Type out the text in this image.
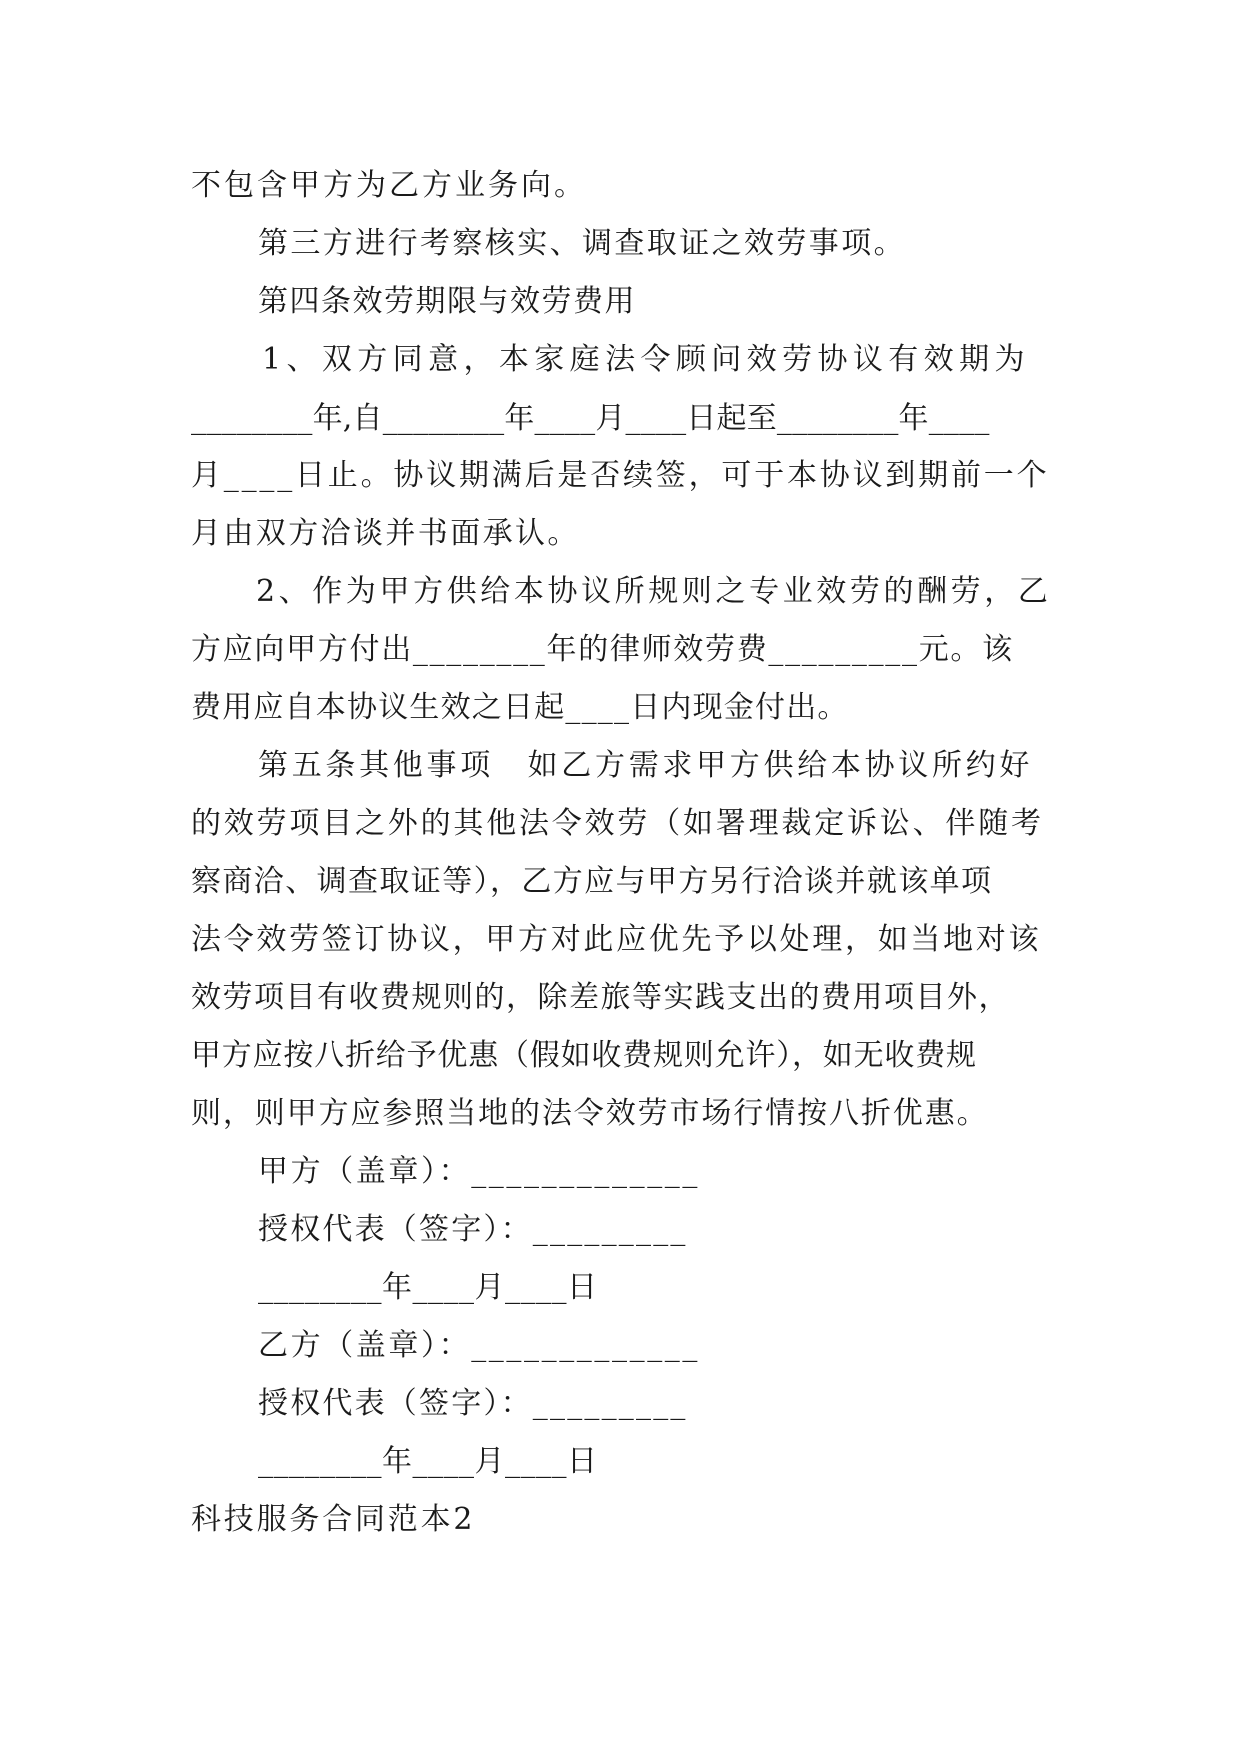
不包含甲方为乙方业务向。

第三方进行考察核实、调查取证之效劳事项。

第四条效劳期限与效劳费用

1、双方同意，本家庭法令顾问效劳协议有效期为

________年,自________年____月____日起至________年____

月____日止。协议期满后是否续签，可于本协议到期前一个

月由双方洽谈并书面承认。

2、作为甲方供给本协议所规则之专业效劳的酬劳，乙

方应向甲方付出________年的律师效劳费_________元。该

费用应自本协议生效之日起____日内现金付出。

第五条其他事项　如乙方需求甲方供给本协议所约好

的效劳项目之外的其他法令效劳（如署理裁定诉讼、伴随考

察商洽、调查取证等），乙方应与甲方另行洽谈并就该单项

法令效劳签订协议，甲方对此应优先予以处理，如当地对该

效劳项目有收费规则的，除差旅等实践支出的费用项目外，

甲方应按八折给予优惠（假如收费规则允许），如无收费规

则，则甲方应参照当地的法令效劳市场行情按八折优惠。

甲方（盖章）：_____________

授权代表（签字）：_________

________年____月____日

乙方（盖章）：_____________

授权代表（签字）：_________

________年____月____日

科技服务合同范本2
